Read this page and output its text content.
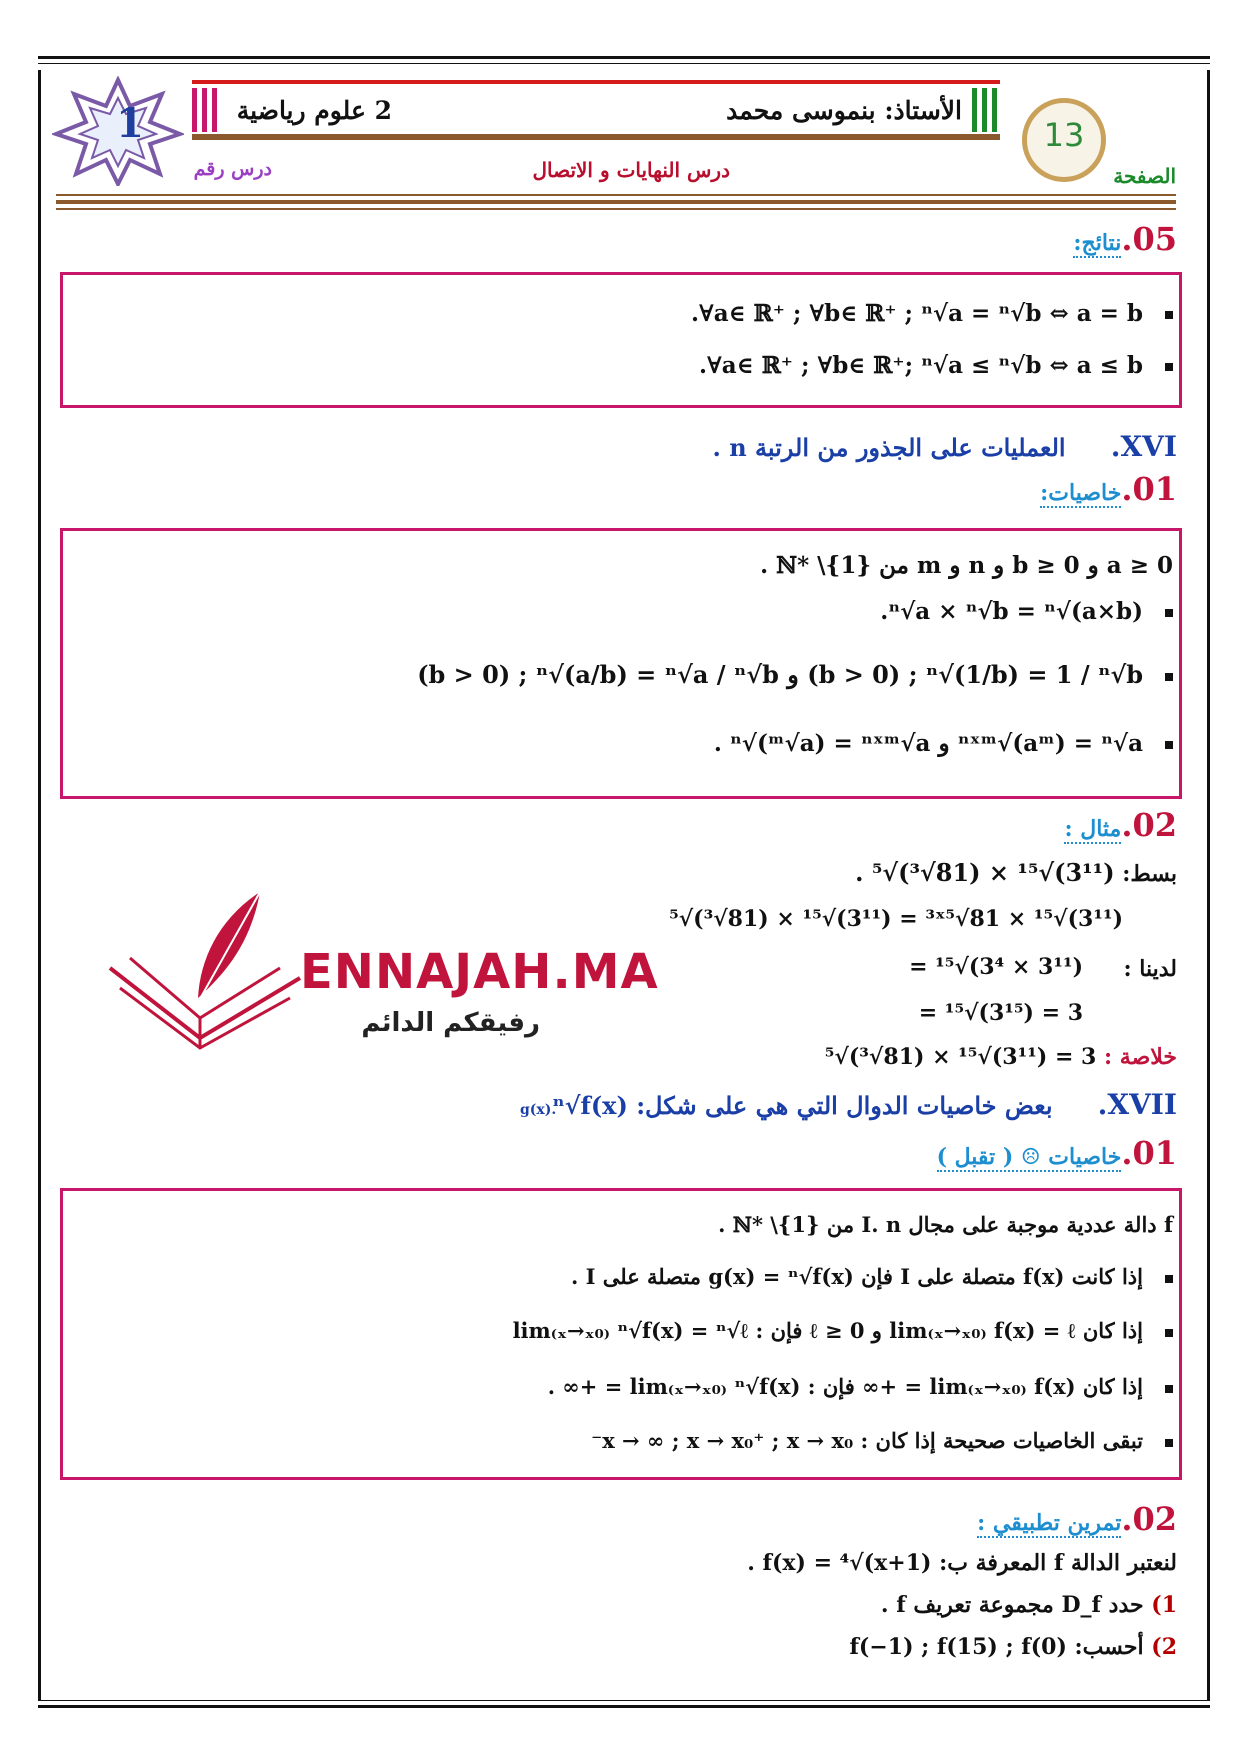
1	2 علوم رياضية	الأستاذ: بنموسى محمد
درس النهايات و الاتصال
درس رقم
13
الصفحة
05.نتائج:
.∀a∈ ℝ⁺ ; ∀b∈ ℝ⁺ ; ⁿ√a = ⁿ√b ⇔ a = b
.∀a∈ ℝ⁺ ; ∀b∈ ℝ⁺; ⁿ√a ≤ ⁿ√b ⇔ a ≤ b
XVI. العمليات على الجذور من الرتبة n .
01.خاصيات:
a ≥ 0 و b ≥ 0 و n و m من ℕ* \{1} .
.ⁿ√a × ⁿ√b = ⁿ√(a×b)
(b > 0) ; ⁿ√(a/b) = ⁿ√a / ⁿ√b و (b > 0) ; ⁿ√(1/b) = 1 / ⁿ√b
. ⁿ√(ᵐ√a) = ⁿˣᵐ√a و ⁿˣᵐ√(aᵐ) = ⁿ√a
02.مثال :
بسط: . ⁵√(³√81) × ¹⁵√(3¹¹)
⁵√(³√81) × ¹⁵√(3¹¹) = ³ˣ⁵√81 × ¹⁵√(3¹¹)
لدينا :
= ¹⁵√(3⁴ × 3¹¹)
= ¹⁵√(3¹⁵) = 3
خلاصة : ⁵√(³√81) × ¹⁵√(3¹¹) = 3
ENNAJAH.MA
رفيقكم الدائم
XVII. بعض خاصيات الدوال التي هي على شكل: ⁿ√f(x)
g(x).
01.خاصيات ☹ ( تقبل )
f دالة عددية موجبة على مجال I. n من ℕ* \{1} .
إذا كانت f(x) متصلة على I فإن g(x) = ⁿ√f(x) متصلة على I .
إذا كان lim₍ₓ→ₓ₀₎ f(x) = ℓ و ℓ ≥ 0 فإن : lim₍ₓ→ₓ₀₎ ⁿ√f(x) = ⁿ√ℓ
إذا كان lim₍ₓ→ₓ₀₎ f(x) = +∞ فإن : lim₍ₓ→ₓ₀₎ ⁿ√f(x) = +∞ .
تبقى الخاصيات صحيحة إذا كان : x → ∞ ; x → x₀⁺ ; x → x₀⁻
02.تمرين تطبيقي :
لنعتبر الدالة f المعرفة ب: f(x) = ⁴√(x+1) .
1) حدد D_f مجموعة تعريف f .
2) أحسب: f(−1) ; f(15) ; f(0)
